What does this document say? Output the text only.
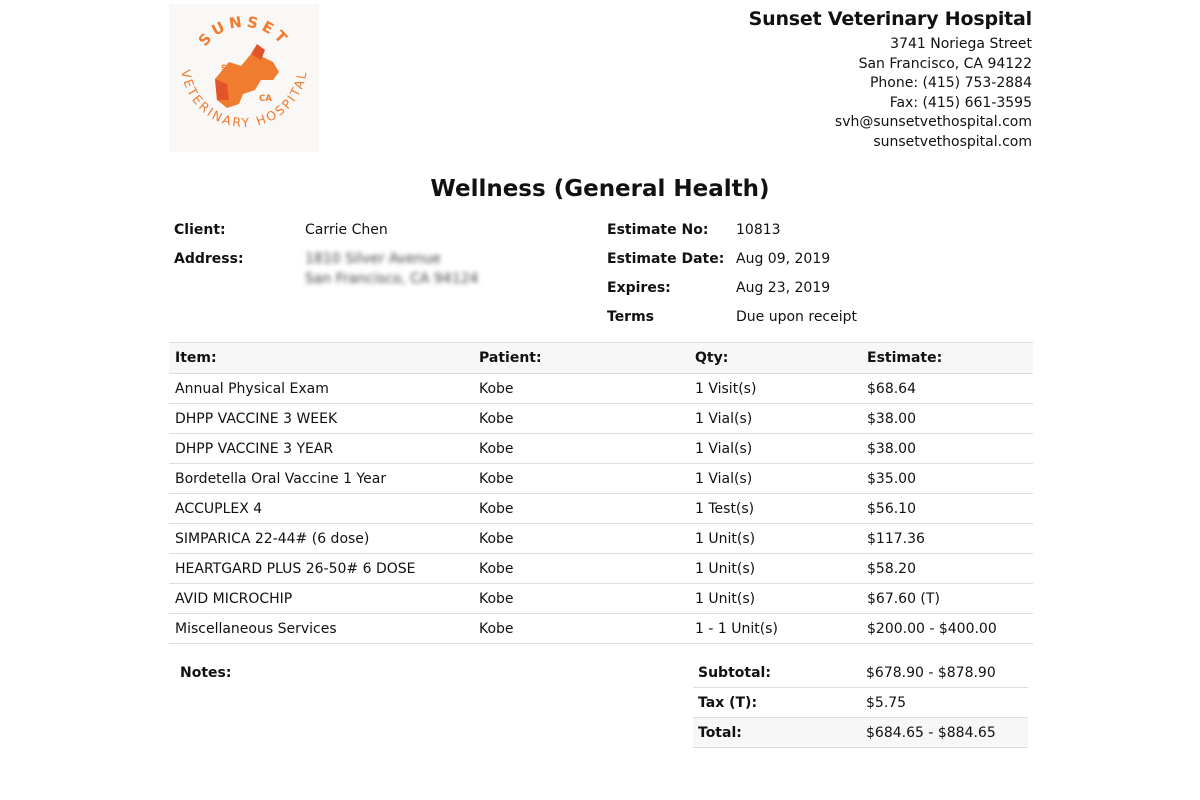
SUNSET
VETERINARY HOSPITAL
SF
CA
Sunset Veterinary Hospital
3741 Noriega Street
San Francisco, CA 94122
Phone: (415) 753-2884
Fax: (415) 661-3595
svh@sunsetvethospital.com
sunsetvethospital.com
Wellness (General Health)
Client:	Carrie Chen
Address:	1810 Silver Avenue
San Francisco, CA 94124
Estimate No: 10813
Estimate Date: Aug 09, 2019
Expires:	Aug 23, 2019
Terms	Due upon receipt
Item:	Patient:	Qty:	Estimate:
Annual Physical Exam	Kobe	1 Visit(s)	$68.64
DHPP VACCINE 3 WEEK	Kobe	1 Vial(s)	$38.00
DHPP VACCINE 3 YEAR	Kobe	1 Vial(s)	$38.00
Bordetella Oral Vaccine 1 Year	Kobe	1 Vial(s)	$35.00
ACCUPLEX 4	Kobe	1 Test(s)	$56.10
SIMPARICA 22-44# (6 dose)	Kobe	1 Unit(s)	$117.36
HEARTGARD PLUS 26-50# 6 DOSE	Kobe	1 Unit(s)	$58.20
AVID MICROCHIP	Kobe	1 Unit(s)	$67.60 (T)
Miscellaneous Services	Kobe	1 - 1 Unit(s)	$200.00 - $400.00
Notes:	Subtotal:	$678.90 - $878.90
Tax (T):	$5.75
Total:	$684.65 - $884.65
